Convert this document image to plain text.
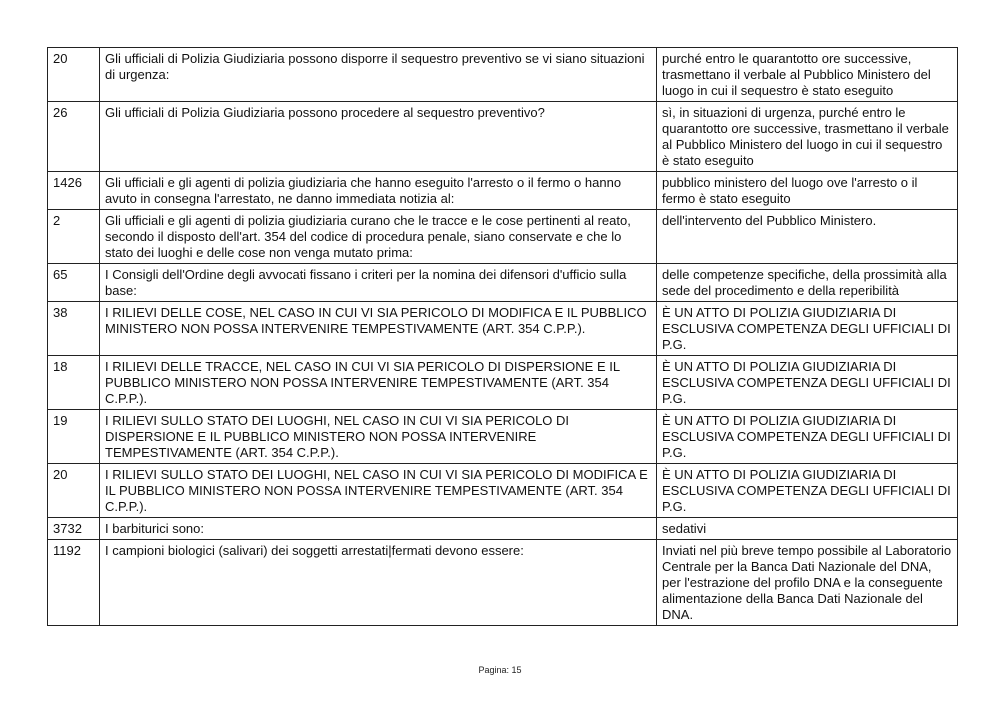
20	Gli ufficiali di Polizia Giudiziaria possono disporre il sequestro preventivo se vi siano situazioni di urgenza:	purché entro le quarantotto ore successive, trasmettano il verbale al Pubblico Ministero del luogo in cui il sequestro è stato eseguito
26	Gli ufficiali di Polizia Giudiziaria possono procedere al sequestro preventivo?	sì, in situazioni di urgenza, purché entro le quarantotto ore successive, trasmettano il verbale al Pubblico Ministero del luogo in cui il sequestro è stato eseguito
1426	Gli ufficiali e gli agenti di polizia giudiziaria che hanno eseguito l'arresto o il fermo o hanno avuto in consegna l'arrestato, ne danno immediata notizia al:	pubblico ministero del luogo ove l'arresto o il fermo è stato eseguito
2	Gli ufficiali e gli agenti di polizia giudiziaria curano che le tracce e le cose pertinenti al reato, secondo il disposto dell'art. 354 del codice di procedura penale, siano conservate e che lo stato dei luoghi e delle cose non venga mutato prima:	dell'intervento del Pubblico Ministero.
65	I Consigli dell'Ordine degli avvocati fissano i criteri per la nomina dei difensori d'ufficio sulla base:	delle competenze specifiche, della prossimità alla sede del procedimento e della reperibilità
38	I RILIEVI DELLE COSE, NEL CASO IN CUI VI SIA PERICOLO DI MODIFICA E IL PUBBLICO MINISTERO NON POSSA INTERVENIRE TEMPESTIVAMENTE (ART. 354 C.P.P.).	È UN ATTO DI POLIZIA GIUDIZIARIA DI ESCLUSIVA COMPETENZA DEGLI UFFICIALI DI P.G.
18	I RILIEVI DELLE TRACCE, NEL CASO IN CUI VI SIA PERICOLO DI DISPERSIONE E IL PUBBLICO MINISTERO NON POSSA INTERVENIRE TEMPESTIVAMENTE (ART. 354 C.P.P.).	È UN ATTO DI POLIZIA GIUDIZIARIA DI ESCLUSIVA COMPETENZA DEGLI UFFICIALI DI P.G.
19	I RILIEVI SULLO STATO DEI LUOGHI, NEL CASO IN CUI VI SIA PERICOLO DI DISPERSIONE E IL PUBBLICO MINISTERO NON POSSA INTERVENIRE TEMPESTIVAMENTE (ART. 354 C.P.P.).	È UN ATTO DI POLIZIA GIUDIZIARIA DI ESCLUSIVA COMPETENZA DEGLI UFFICIALI DI P.G.
20	I RILIEVI SULLO STATO DEI LUOGHI, NEL CASO IN CUI VI SIA PERICOLO DI MODIFICA E IL PUBBLICO MINISTERO NON POSSA INTERVENIRE TEMPESTIVAMENTE (ART. 354 C.P.P.).	È UN ATTO DI POLIZIA GIUDIZIARIA DI ESCLUSIVA COMPETENZA DEGLI UFFICIALI DI P.G.
3732	I barbiturici sono:	sedativi
1192	I campioni biologici (salivari) dei soggetti arrestati|fermati devono essere:	Inviati nel più breve tempo possibile al Laboratorio Centrale per la Banca Dati Nazionale del DNA, per l'estrazione del profilo DNA e la conseguente alimentazione della Banca Dati Nazionale del DNA.
Pagina: 15
